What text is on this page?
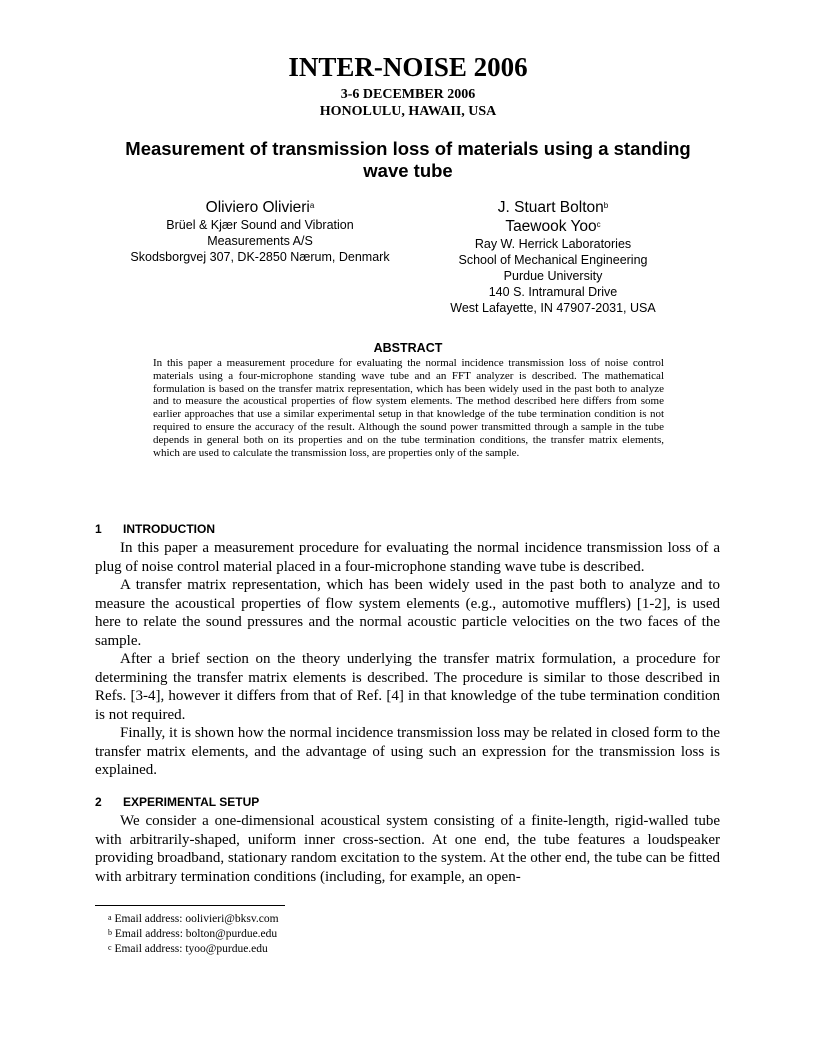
INTER-NOISE 2006
3-6 DECEMBER 2006
HONOLULU, HAWAII, USA
Measurement of transmission loss of materials using a standing
wave tube
Oliviero Olivieri$^a$
Brüel & Kjær Sound and Vibration
Measurements A/S
Skodsborgvej 307, DK-2850 Nærum, Denmark
J. Stuart Bolton$^b$
Taewook Yoo$^c$
Ray W. Herrick Laboratories
School of Mechanical Engineering
Purdue University
140 S. Intramural Drive
West Lafayette, IN 47907-2031, USA
ABSTRACT
In this paper a measurement procedure for evaluating the normal incidence transmission loss of noise control materials using a four-microphone standing wave tube and an FFT analyzer is described. The mathematical formulation is based on the transfer matrix representation, which has been widely used in the past both to analyze and to measure the acoustical properties of flow system elements. The method described here differs from some earlier approaches that use a similar experimental setup in that knowledge of the tube termination condition is not required to ensure the accuracy of the result. Although the sound power transmitted through a sample in the tube depends in general both on its properties and on the tube termination conditions, the transfer matrix elements, which are used to calculate the transmission loss, are properties only of the sample.
1 INTRODUCTION

In this paper a measurement procedure for evaluating the normal incidence transmission loss of a plug of noise control material placed in a four-microphone standing wave tube is described.

A transfer matrix representation, which has been widely used in the past both to analyze and to measure the acoustical properties of flow system elements (e.g., automotive mufflers) [1-2], is used here to relate the sound pressures and the normal acoustic particle velocities on the two faces of the sample.

After a brief section on the theory underlying the transfer matrix formulation, a procedure for determining the transfer matrix elements is described. The procedure is similar to those described in Refs. [3-4], however it differs from that of Ref. [4] in that knowledge of the tube termination condition is not required.

Finally, it is shown how the normal incidence transmission loss may be related in closed form to the transfer matrix elements, and the advantage of using such an expression for the transmission loss is explained.

2 EXPERIMENTAL SETUP

We consider a one-dimensional acoustical system consisting of a finite-length, rigid-walled tube with arbitrarily-shaped, uniform inner cross-section. At one end, the tube features a loudspeaker providing broadband, stationary random excitation to the system. At the other end, the tube can be fitted with arbitrary termination conditions (including, for example, an open-

$^a$ Email address: oolivieri@bksv.com
$^b$ Email address: bolton@purdue.edu
$^c$ Email address: tyoo@purdue.edu
